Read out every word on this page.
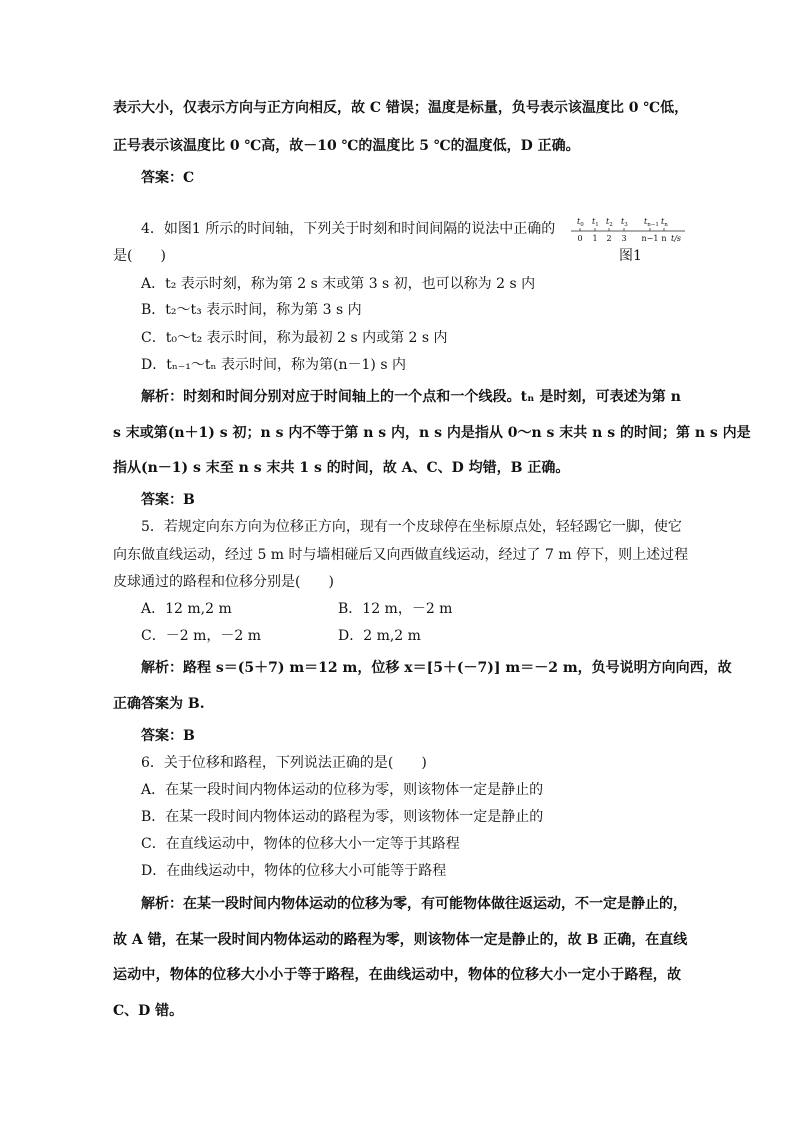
表示大小，仅表示方向与正方向相反，故 C 错误；温度是标量，负号表示该温度比 0 ℃低，
正号表示该温度比 0 ℃高，故－10 ℃的温度比 5 ℃的温度低，D 正确。
答案：C
4．如图1 所示的时间轴，下列关于时刻和时间间隔的说法中正确的
是(　　)
$t_0$ $t_1$ $t_2$ $t_3$ $t_{n-1}$ $t_n$
0 1 2 3 n−1 n t/s
图1
A．t₂ 表示时刻，称为第 2 s 末或第 3 s 初，也可以称为 2 s 内
B．t₂～t₃ 表示时间，称为第 3 s 内
C．t₀～t₂ 表示时间，称为最初 2 s 内或第 2 s 内
D．tₙ₋₁～tₙ 表示时间，称为第(n－1) s 内
解析：时刻和时间分别对应于时间轴上的一个点和一个线段。tₙ 是时刻，可表述为第 n
s 末或第(n＋1) s 初；n s 内不等于第 n s 内，n s 内是指从 0～n s 末共 n s 的时间；第 n s 内是
指从(n－1) s 末至 n s 末共 1 s 的时间，故 A、C、D 均错，B 正确。
答案：B
5．若规定向东方向为位移正方向，现有一个皮球停在坐标原点处，轻轻踢它一脚，使它
向东做直线运动，经过 5 m 时与墙相碰后又向西做直线运动，经过了 7 m 停下，则上述过程
皮球通过的路程和位移分别是(　　)
A．12 m,2 m	B．12 m，－2 m
C．－2 m，－2 m	D．2 m,2 m
解析：路程 s＝(5＋7) m＝12 m，位移 x＝[5＋(－7)] m＝－2 m，负号说明方向向西，故
正确答案为 B.
答案：B
6．关于位移和路程，下列说法正确的是(　　)
A．在某一段时间内物体运动的位移为零，则该物体一定是静止的
B．在某一段时间内物体运动的路程为零，则该物体一定是静止的
C．在直线运动中，物体的位移大小一定等于其路程
D．在曲线运动中，物体的位移大小可能等于路程
解析：在某一段时间内物体运动的位移为零，有可能物体做往返运动，不一定是静止的，
故 A 错，在某一段时间内物体运动的路程为零，则该物体一定是静止的，故 B 正确，在直线
运动中，物体的位移大小小于等于路程，在曲线运动中，物体的位移大小一定小于路程，故
C、D 错。
